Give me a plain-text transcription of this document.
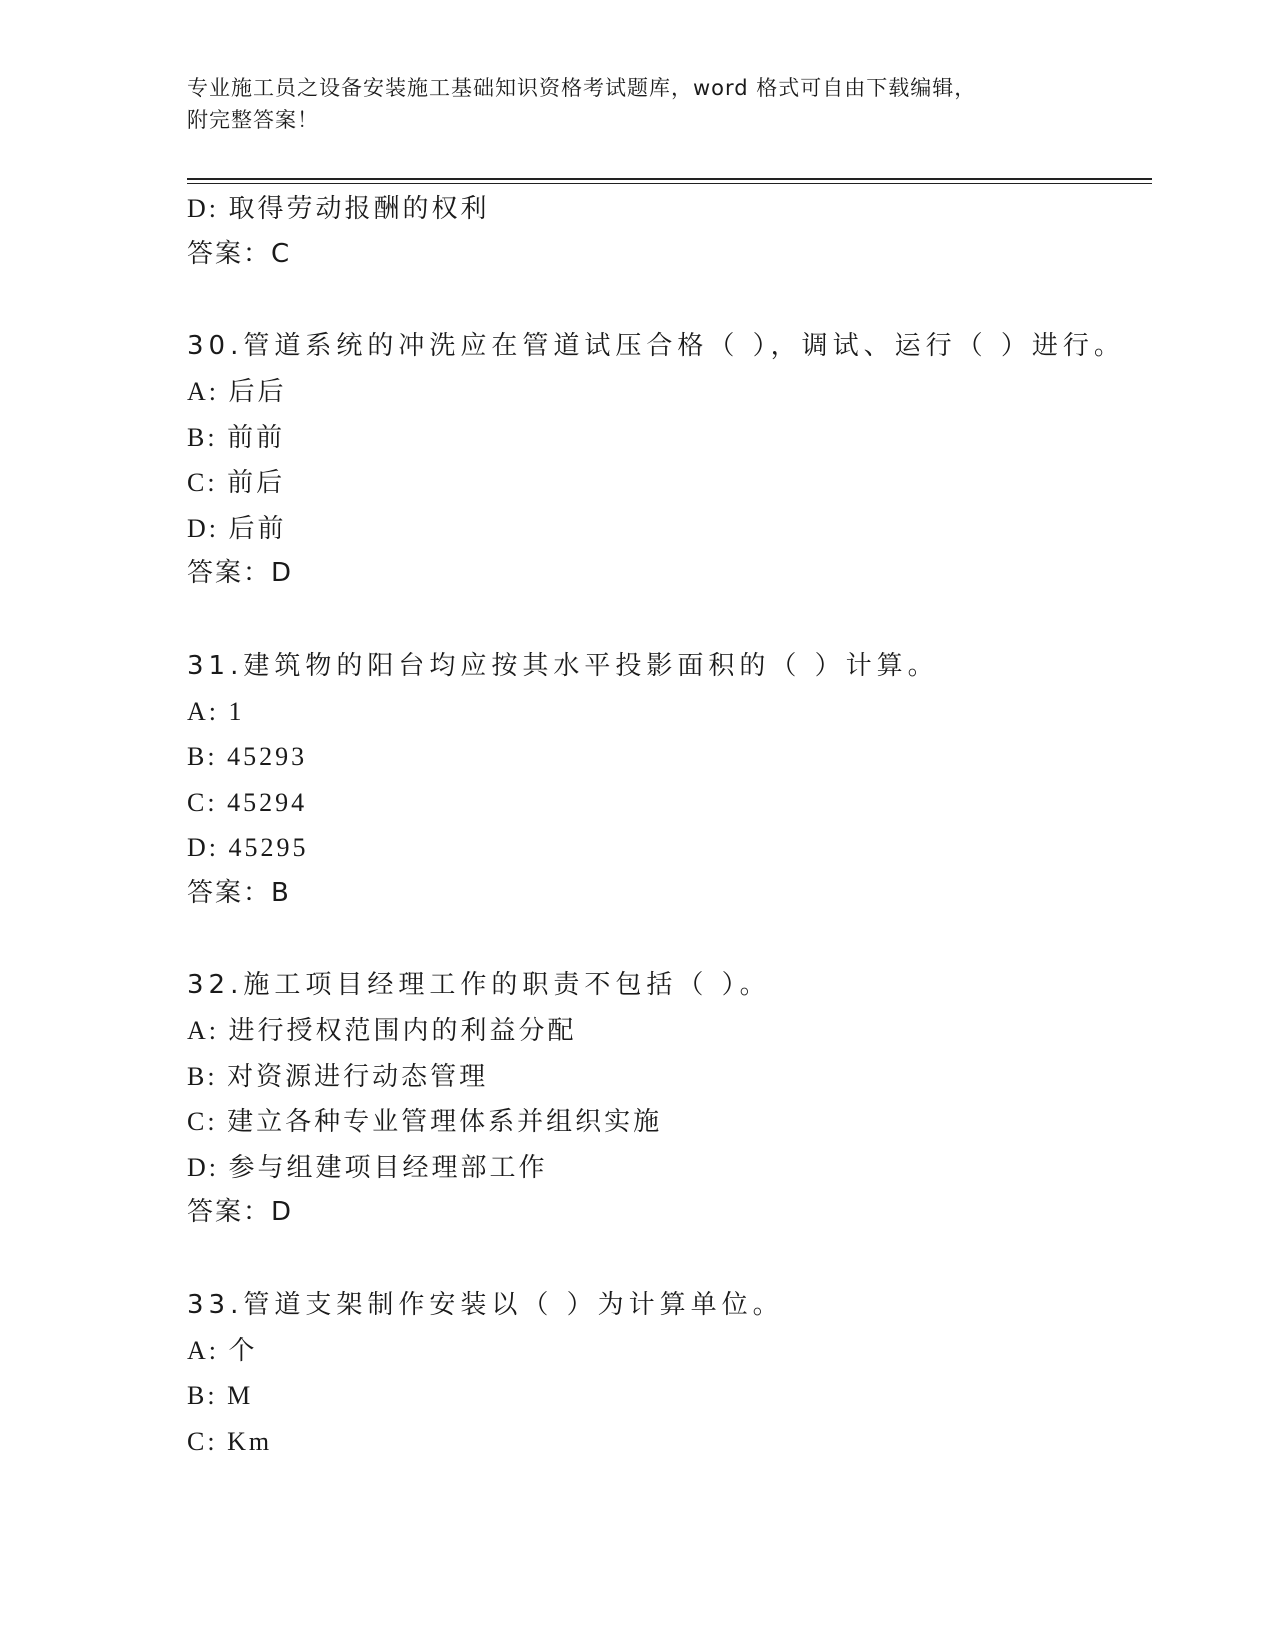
专业施工员之设备安装施工基础知识资格考试题库，word 格式可自由下载编辑，
附完整答案！
D: 取得劳动报酬的权利
答案：C
30.管道系统的冲洗应在管道试压合格（ ），调试、运行（ ）进行。
A: 后后
B: 前前
C: 前后
D: 后前
答案：D
31.建筑物的阳台均应按其水平投影面积的（ ）计算。
A: 1
B: 45293
C: 45294
D: 45295
答案：B
32.施工项目经理工作的职责不包括（ ）。
A: 进行授权范围内的利益分配
B: 对资源进行动态管理
C: 建立各种专业管理体系并组织实施
D: 参与组建项目经理部工作
答案：D
33.管道支架制作安装以（ ）为计算单位。
A: 个
B: M
C: Km
